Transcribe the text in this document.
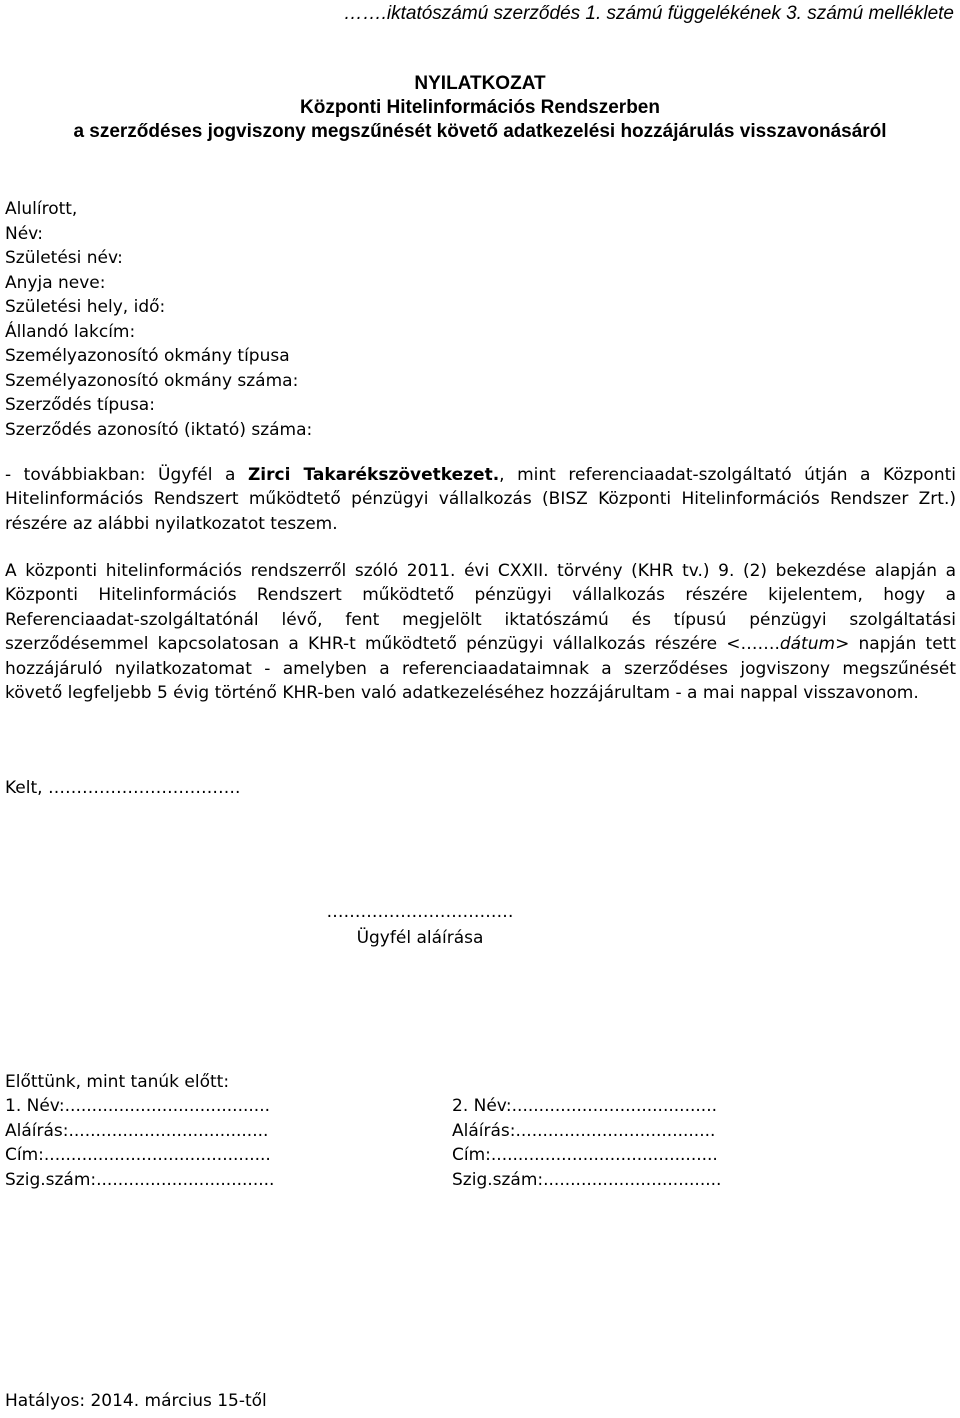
…….iktatószámú szerződés 1. számú függelékének 3. számú melléklete
NYILATKOZAT
Központi Hitelinformációs Rendszerben
a szerződéses jogviszony megszűnését követő adatkezelési hozzájárulás visszavonásáról
Alulírott,
Név:
Születési név:
Anyja neve:
Születési hely, idő:
Állandó lakcím:
Személyazonosító okmány típusa
Személyazonosító okmány száma:
Szerződés típusa:
Szerződés azonosító (iktató) száma:
- továbbiakban: Ügyfél a Zirci Takarékszövetkezet., mint referenciaadat-szolgáltató útján a Központi Hitelinformációs Rendszert működtető pénzügyi vállalkozás (BISZ Központi Hitelinformációs Rendszer Zrt.) részére az alábbi nyilatkozatot teszem.
A központi hitelinformációs rendszerről szóló 2011. évi CXXII. törvény (KHR tv.) 9. (2) bekezdése alapján a Központi Hitelinformációs Rendszert működtető pénzügyi vállalkozás részére kijelentem, hogy a Referenciaadat-szolgáltatónál lévő, fent megjelölt iktatószámú és típusú pénzügyi szolgáltatási szerződésemmel kapcsolatosan a KHR-t működtető pénzügyi vállalkozás részére <…….dátum> napján tett hozzájáruló nyilatkozatomat - amelyben a referenciaadataimnak a szerződéses jogviszony megszűnését követő legfeljebb 5 évig történő KHR-ben való adatkezeléséhez hozzájárultam - a mai nappal visszavonom.
Kelt, …………………………….
……………………………
Ügyfél aláírása
Előttünk, mint tanúk előtt:
1. Név:......................................
Aláírás:.....................................
Cím:..........................................
Szig.szám:.................................
2. Név:......................................
Aláírás:.....................................
Cím:..........................................
Szig.szám:.................................
Hatályos: 2014. március 15-től
